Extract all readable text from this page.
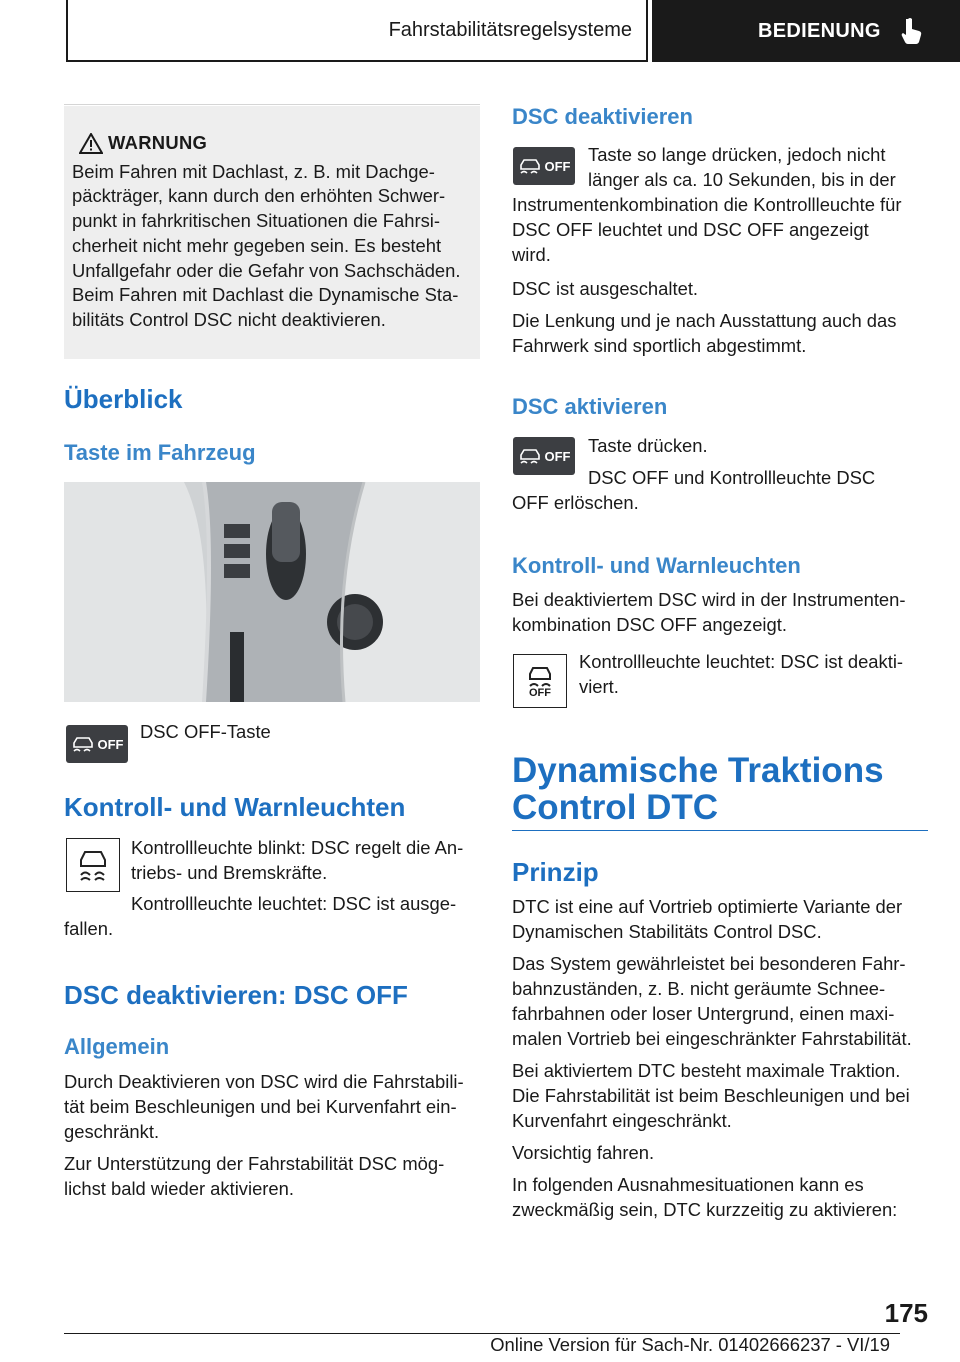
Fahrstabilitätsregelsysteme	BEDIENUNG

WARNUNG

Beim Fahren mit Dachlast, z. B. mit Dachge‐

päckträger, kann durch den erhöhten Schwer‐

punkt in fahrkritischen Situationen die Fahrsi‐

cherheit nicht mehr gegeben sein. Es besteht

Unfallgefahr oder die Gefahr von Sachschäden.

Beim Fahren mit Dachlast die Dynamische Sta‐

bilitäts Control DSC nicht deaktivieren.

Überblick
Taste im Fahrzeug
OFF

DSC OFF-Taste

Kontroll- und Warnleuchten

Kontrollleuchte blinkt: DSC regelt die An‐

triebs- und Bremskräfte.

Kontrollleuchte leuchtet: DSC ist ausge‐

fallen.

DSC deaktivieren: DSC OFF
Allgemein

Durch Deaktivieren von DSC wird die Fahrstabili‐

tät beim Beschleunigen und bei Kurvenfahrt ein‐

geschränkt.

Zur Unterstützung der Fahrstabilität DSC mög‐

lichst bald wieder aktivieren.

DSC deaktivieren
OFF

Taste so lange drücken, jedoch nicht

länger als ca. 10 Sekunden, bis in der

Instrumentenkombination die Kontrollleuchte für

DSC OFF leuchtet und DSC OFF angezeigt

wird.

DSC ist ausgeschaltet.

Die Lenkung und je nach Ausstattung auch das

Fahrwerk sind sportlich abgestimmt.

DSC aktivieren
OFF Taste drücken.

DSC OFF und Kontrollleuchte DSC

OFF erlöschen.

Kontroll- und Warnleuchten

Bei deaktiviertem DSC wird in der Instrumenten‐

kombination DSC OFF angezeigt.

OFF

Kontrollleuchte leuchtet: DSC ist deakti‐

viert.

Dynamische Traktions
Control DTC
Prinzip

DTC ist eine auf Vortrieb optimierte Variante der

Dynamischen Stabilitäts Control DSC.

Das System gewährleistet bei besonderen Fahr‐

bahnzuständen, z. B. nicht geräumte Schnee‐

fahrbahnen oder loser Untergrund, einen maxi‐

malen Vortrieb bei eingeschränkter Fahrstabilität.

Bei aktiviertem DTC besteht maximale Traktion.

Die Fahrstabilität ist beim Beschleunigen und bei

Kurvenfahrt eingeschränkt.

Vorsichtig fahren.

In folgenden Ausnahmesituationen kann es

zweckmäßig sein, DTC kurzzeitig zu aktivieren:

175
Online Version für Sach-Nr. 01402666237 - VI/19
